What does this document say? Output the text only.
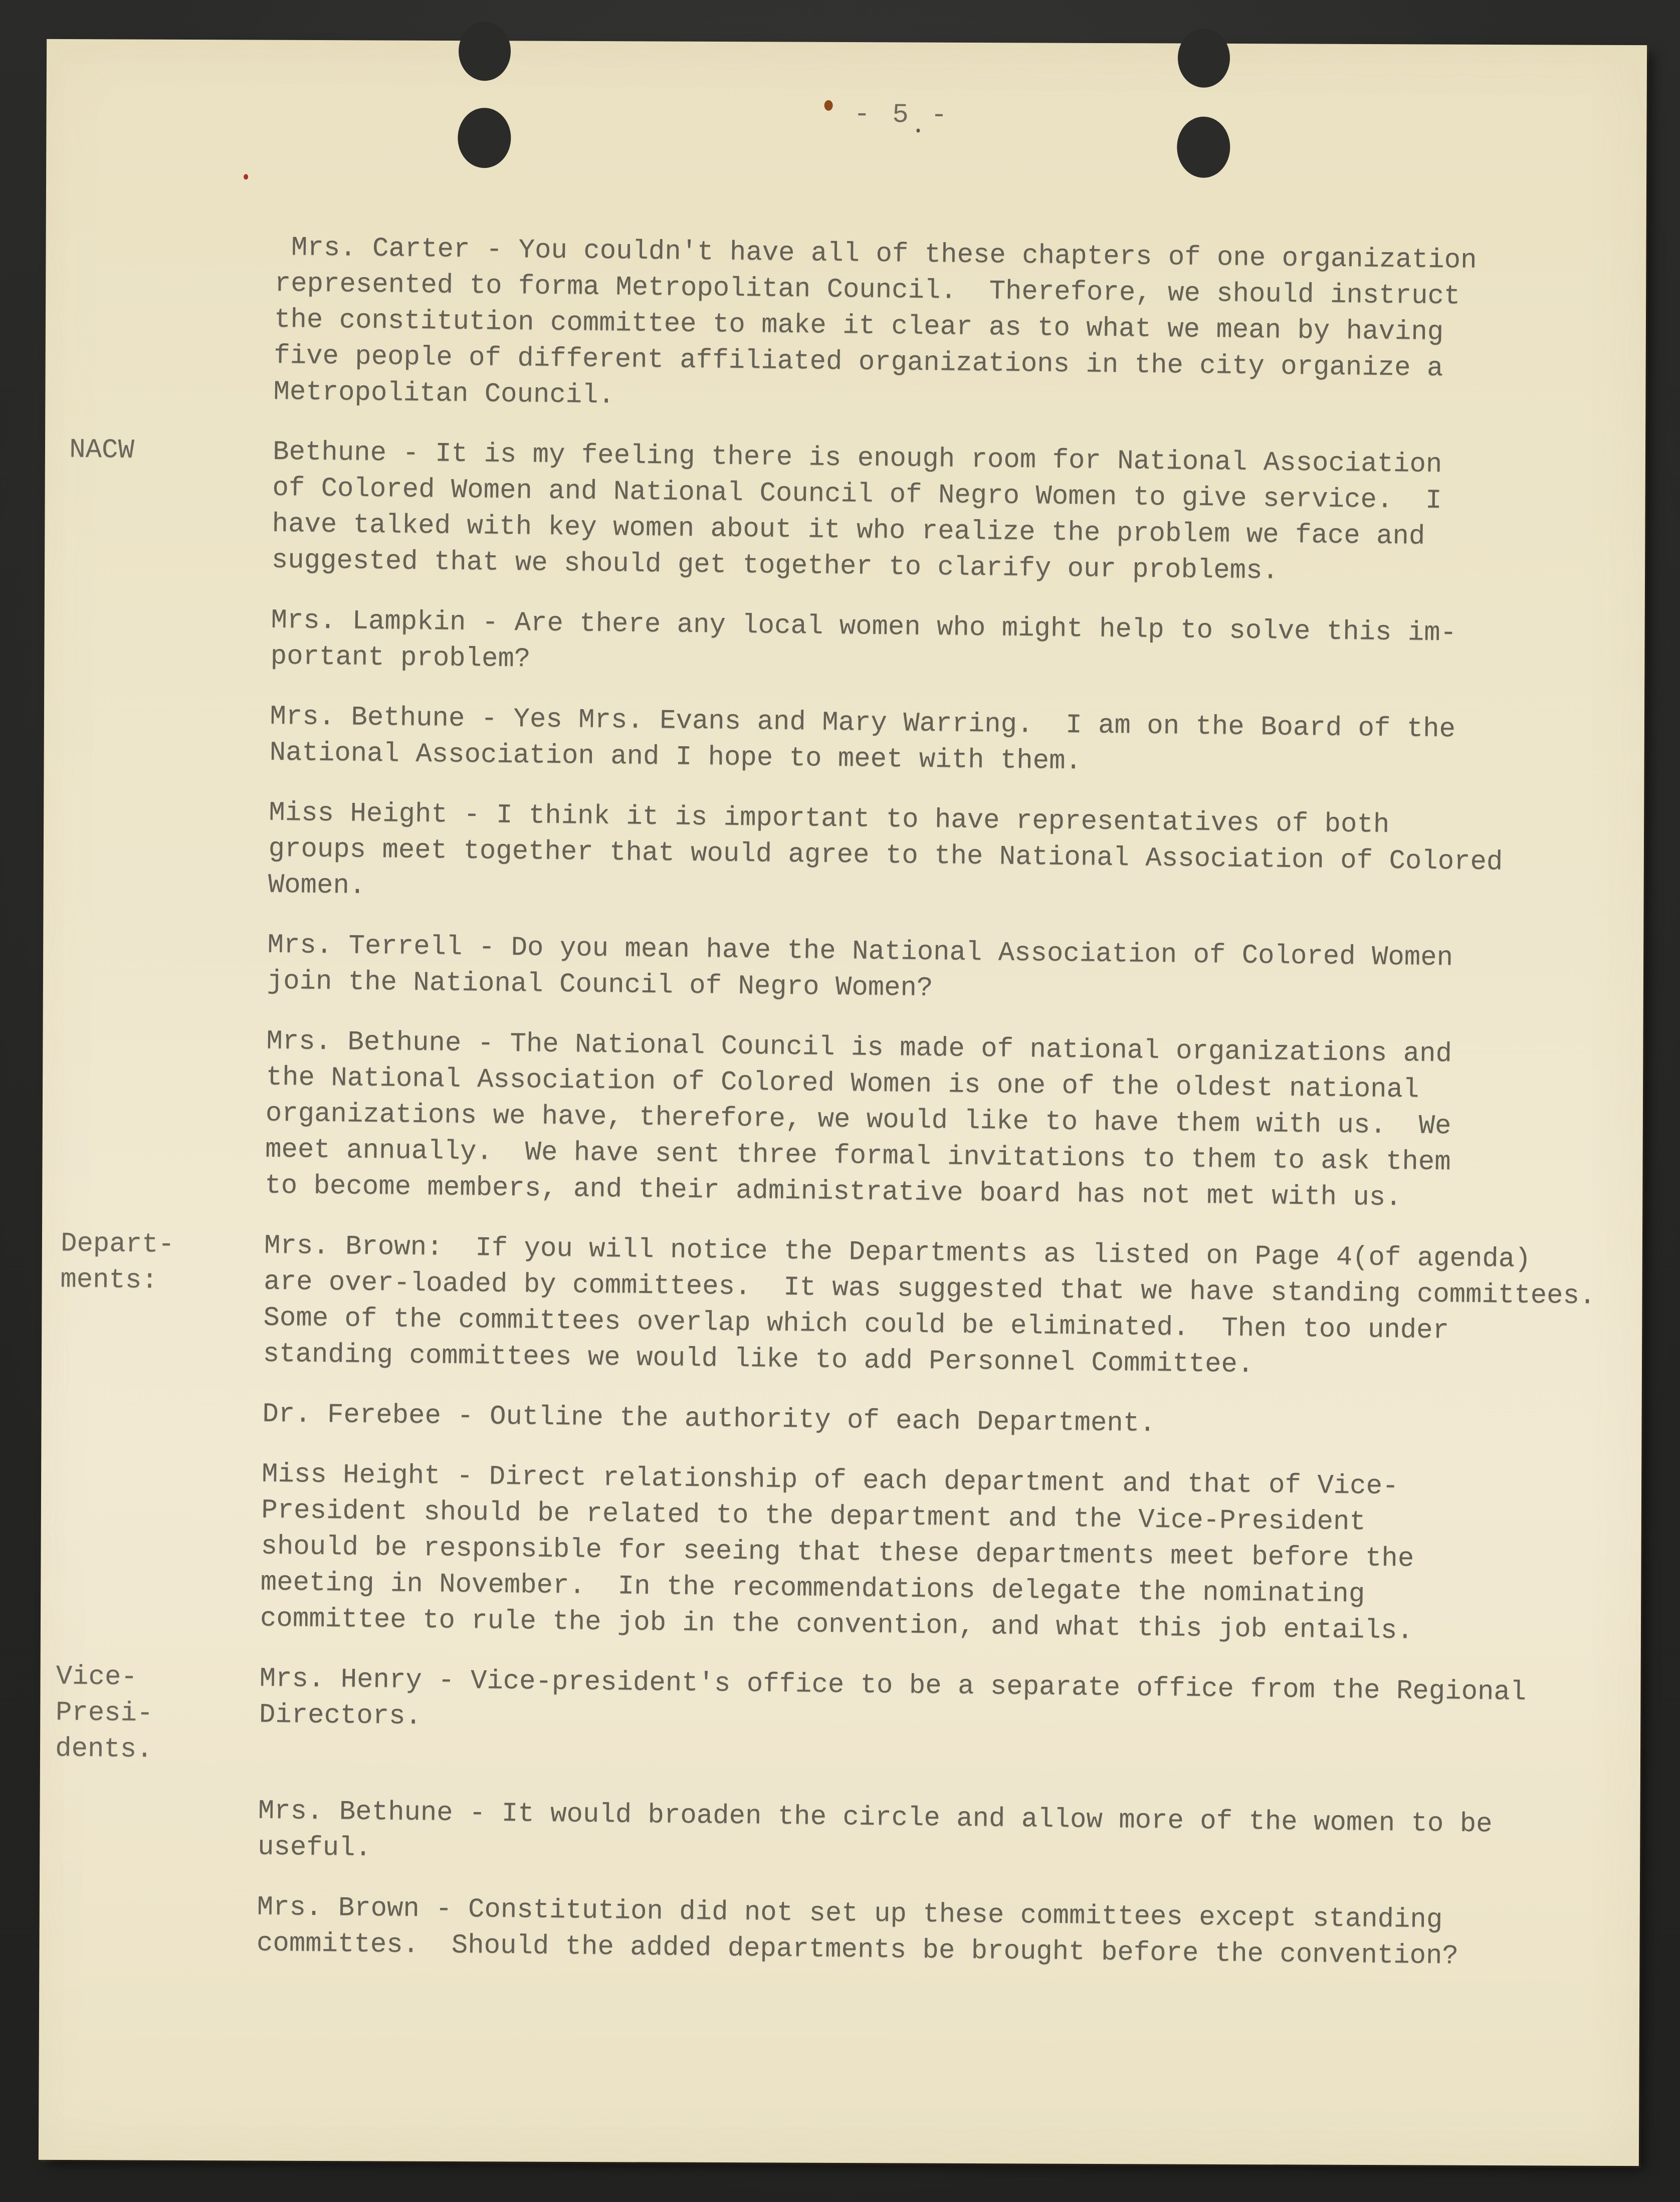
- 5 -
Mrs. Carter - You couldn't have all of these chapters of one organization
represented to forma Metropolitan Council.  Therefore, we should instruct
the constitution committee to make it clear as to what we mean by having
five people of different affiliated organizations in the city organize a
Metropolitan Council.
NACW	Bethune - It is my feeling there is enough room for National Association
of Colored Women and National Council of Negro Women to give service.  I
have talked with key women about it who realize the problem we face and
suggested that we should get together to clarify our problems.
Mrs. Lampkin - Are there any local women who might help to solve this im-
portant problem?
Mrs. Bethune - Yes Mrs. Evans and Mary Warring.  I am on the Board of the
National Association and I hope to meet with them.
Miss Height - I think it is important to have representatives of both
groups meet together that would agree to the National Association of Colored
Women.
Mrs. Terrell - Do you mean have the National Association of Colored Women
join the National Council of Negro Women?
Mrs. Bethune - The National Council is made of national organizations and
the National Association of Colored Women is one of the oldest national
organizations we have, therefore, we would like to have them with us.  We
meet annually.  We have sent three formal invitations to them to ask them
to become members, and their administrative board has not met with us.
Depart-
ments:
Mrs. Brown:  If you will notice the Departments as listed on Page 4(of agenda)
are over-loaded by committees.  It was suggested that we have standing committees.
Some of the committees overlap which could be eliminated.  Then too under
standing committees we would like to add Personnel Committee.
Dr. Ferebee - Outline the authority of each Department.
Miss Height - Direct relationship of each department and that of Vice-
President should be related to the department and the Vice-President
should be responsible for seeing that these departments meet before the
meeting in November.  In the recommendations delegate the nominating
committee to rule the job in the convention, and what this job entails.
Vice-
Presi-
dents.
Mrs. Henry - Vice-president's office to be a separate office from the Regional
Directors.
Mrs. Bethune - It would broaden the circle and allow more of the women to be
useful.
Mrs. Brown - Constitution did not set up these committees except standing
committes.  Should the added departments be brought before the convention?
